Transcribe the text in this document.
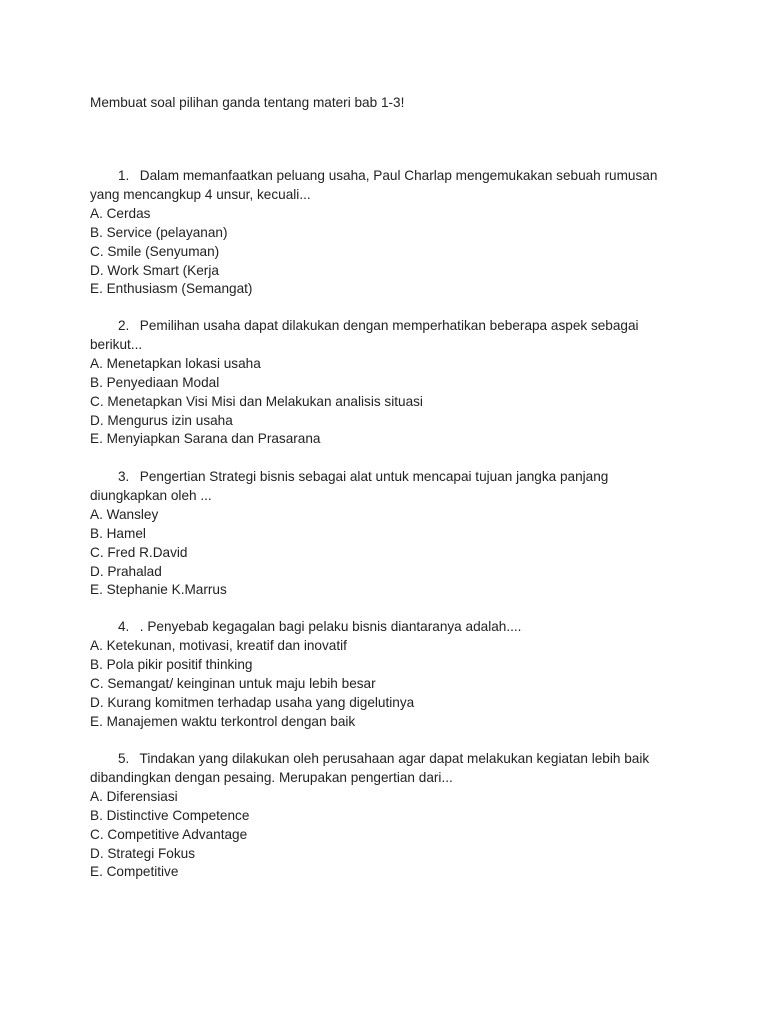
Membuat soal pilihan ganda tentang materi bab 1-3!
1. Dalam memanfaatkan peluang usaha, Paul Charlap mengemukakan sebuah rumusan
yang mencangkup 4 unsur, kecuali...
A. Cerdas
B. Service (pelayanan)
C. Smile (Senyuman)
D. Work Smart (Kerja
E. Enthusiasm (Semangat)
2. Pemilihan usaha dapat dilakukan dengan memperhatikan beberapa aspek sebagai
berikut...
A. Menetapkan lokasi usaha
B. Penyediaan Modal
C. Menetapkan Visi Misi dan Melakukan analisis situasi
D. Mengurus izin usaha
E. Menyiapkan Sarana dan Prasarana
3. Pengertian Strategi bisnis sebagai alat untuk mencapai tujuan jangka panjang
diungkapkan oleh ...
A. Wansley
B. Hamel
C. Fred R.David
D. Prahalad
E. Stephanie K.Marrus
4. . Penyebab kegagalan bagi pelaku bisnis diantaranya adalah....
A. Ketekunan, motivasi, kreatif dan inovatif
B. Pola pikir positif thinking
C. Semangat/ keinginan untuk maju lebih besar
D. Kurang komitmen terhadap usaha yang digelutinya
E. Manajemen waktu terkontrol dengan baik
5. Tindakan yang dilakukan oleh perusahaan agar dapat melakukan kegiatan lebih baik
dibandingkan dengan pesaing. Merupakan pengertian dari...
A. Diferensiasi
B. Distinctive Competence
C. Competitive Advantage
D. Strategi Fokus
E. Competitive
